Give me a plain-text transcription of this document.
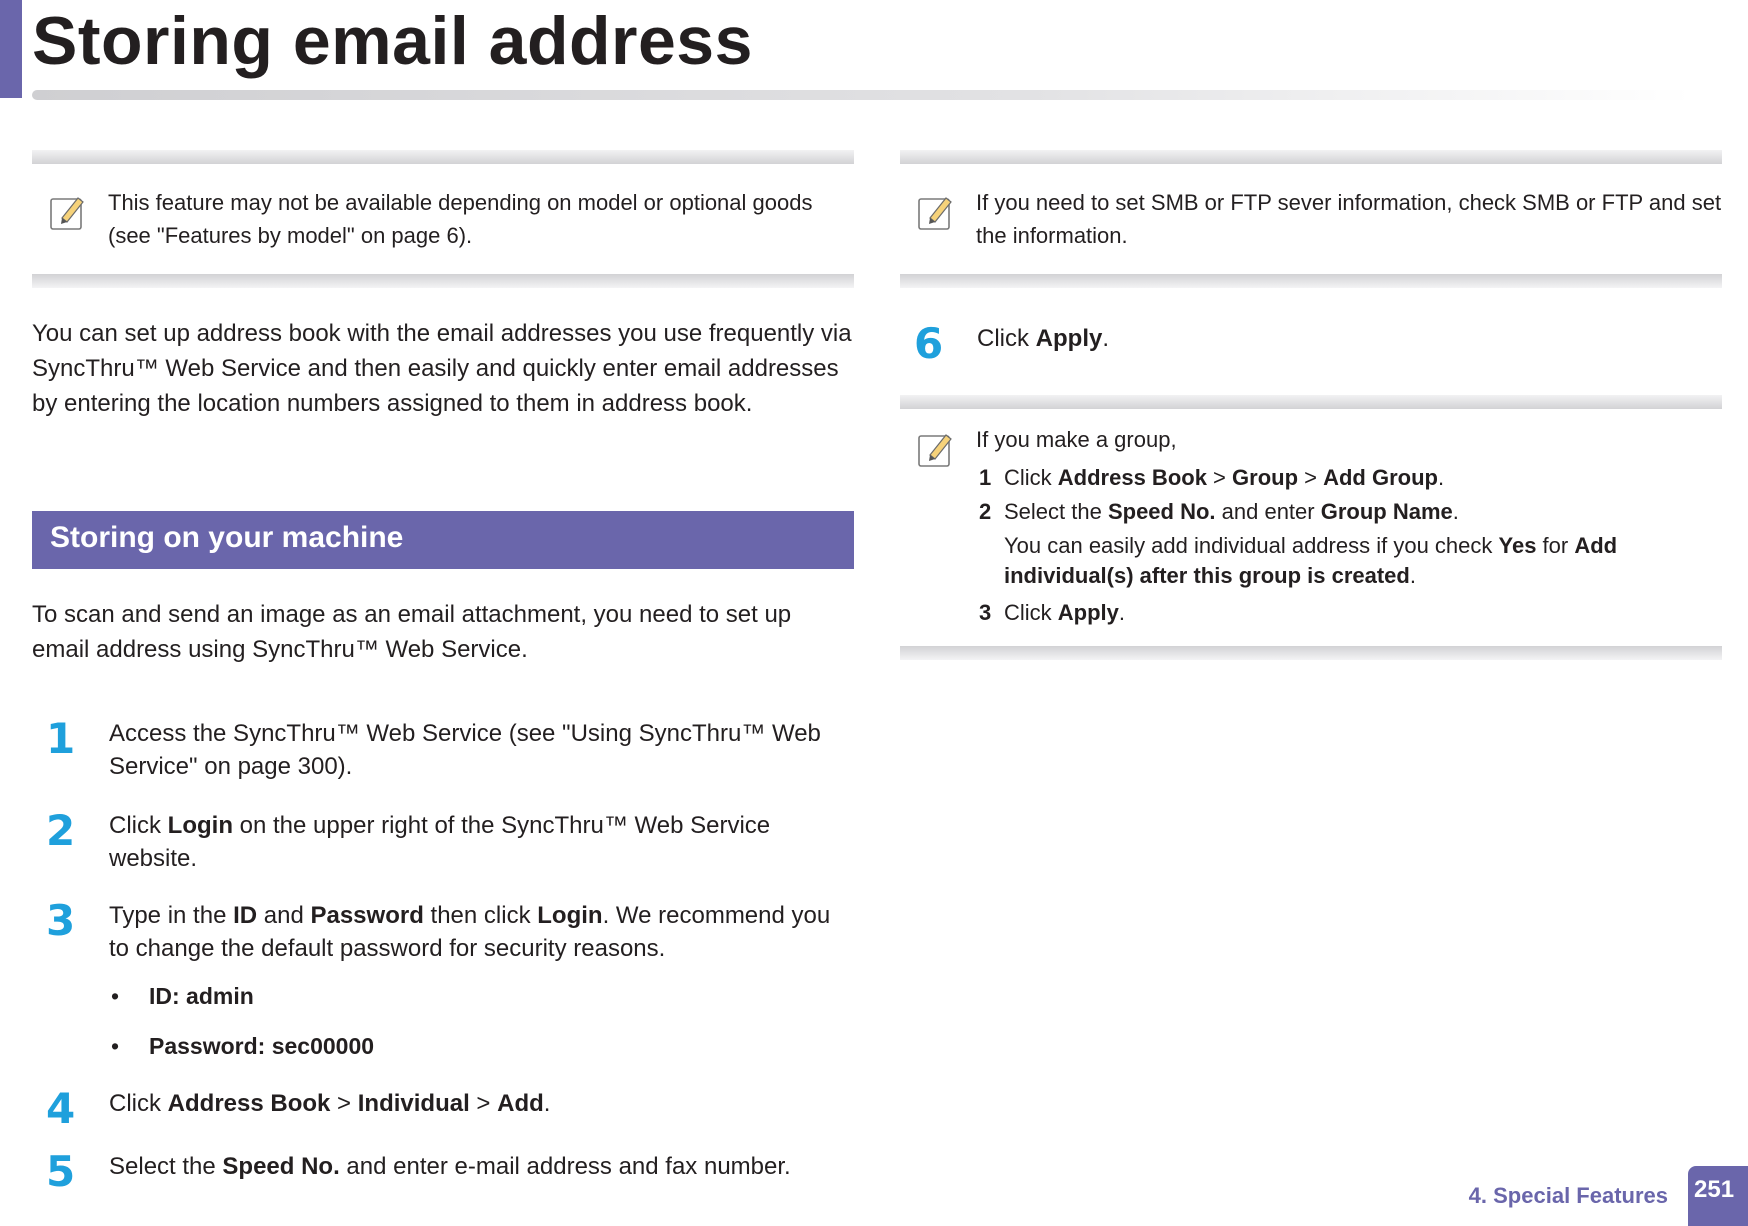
Storing email address
This feature may not be available depending on model or optional goods (see "Features by model" on page 6).

You can set up address book with the email addresses you use frequently via SyncThru™ Web Service and then easily and quickly enter email addresses by entering the location numbers assigned to them in address book.

Storing on your machine

To scan and send an image as an email attachment, you need to set up email address using SyncThru™ Web Service.

1 Access the SyncThru™ Web Service (see "Using SyncThru™ Web Service" on page 300).
2 Click Login on the upper right of the SyncThru™ Web Service website.
3 Type in the ID and Password then click Login. We recommend you to change the default password for security reasons.
• ID: admin
• Password: sec00000
4 Click Address Book > Individual > Add.
5 Select the Speed No. and enter e-mail address and fax number.
If you need to set SMB or FTP sever information, check SMB or FTP and set the information.
6 Click Apply.
If you make a group,
1 Click Address Book > Group > Add Group.
2 Select the Speed No. and enter Group Name.
You can easily add individual address if you check Yes for Add individual(s) after this group is created.
3 Click Apply.
4. Special Features 251
